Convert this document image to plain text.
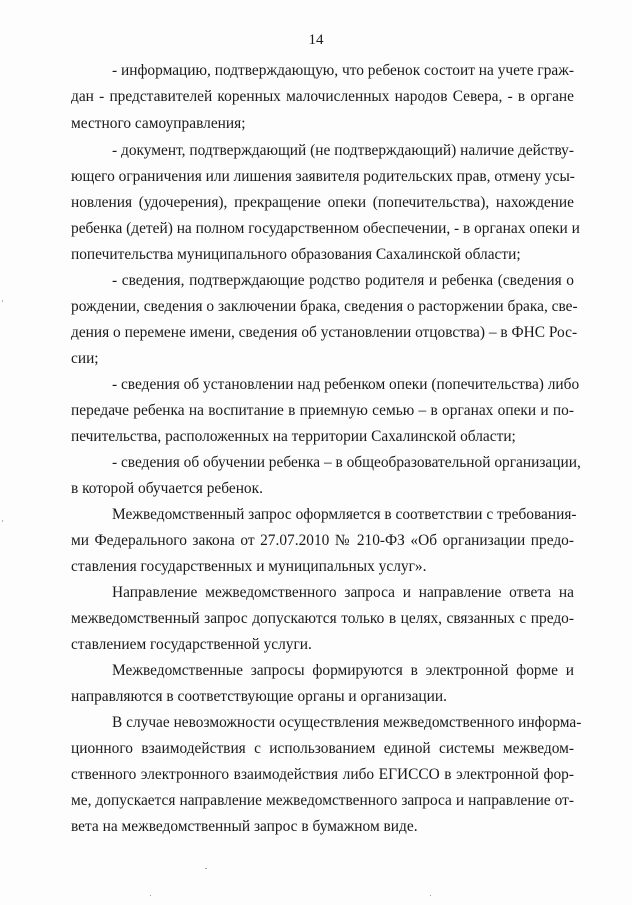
14
- информацию, подтверждающую, что ребенок состоит на учете граж-
дан - представителей коренных малочисленных народов Севера, - в органе
местного самоуправления;
- документ, подтверждающий (не подтверждающий) наличие действу-
ющего ограничения или лишения заявителя родительских прав, отмену усы-
новления (удочерения), прекращение опеки (попечительства), нахождение
ребенка (детей) на полном государственном обеспечении, - в органах опеки и
попечительства муниципального образования Сахалинской области;
- сведения, подтверждающие родство родителя и ребенка (сведения о
рождении, сведения о заключении брака, сведения о расторжении брака, све-
дения о перемене имени, сведения об установлении отцовства) – в ФНС Рос-
сии;
- сведения об установлении над ребенком опеки (попечительства) либо
передаче ребенка на воспитание в приемную семью – в органах опеки и по-
печительства, расположенных на территории Сахалинской области;
- сведения об обучении ребенка – в общеобразовательной организации,
в которой обучается ребенок.
Межведомственный запрос оформляется в соответствии с требования-
ми Федерального закона от 27.07.2010 № 210-ФЗ «Об организации предо-
ставления государственных и муниципальных услуг».
Направление межведомственного запроса и направление ответа на
межведомственный запрос допускаются только в целях, связанных с предо-
ставлением государственной услуги.
Межведомственные запросы формируются в электронной форме и
направляются в соответствующие органы и организации.
В случае невозможности осуществления межведомственного информа-
ционного взаимодействия с использованием единой системы межведом-
ственного электронного взаимодействия либо ЕГИССО в электронной фор-
ме, допускается направление межведомственного запроса и направление от-
вета на межведомственный запрос в бумажном виде.
